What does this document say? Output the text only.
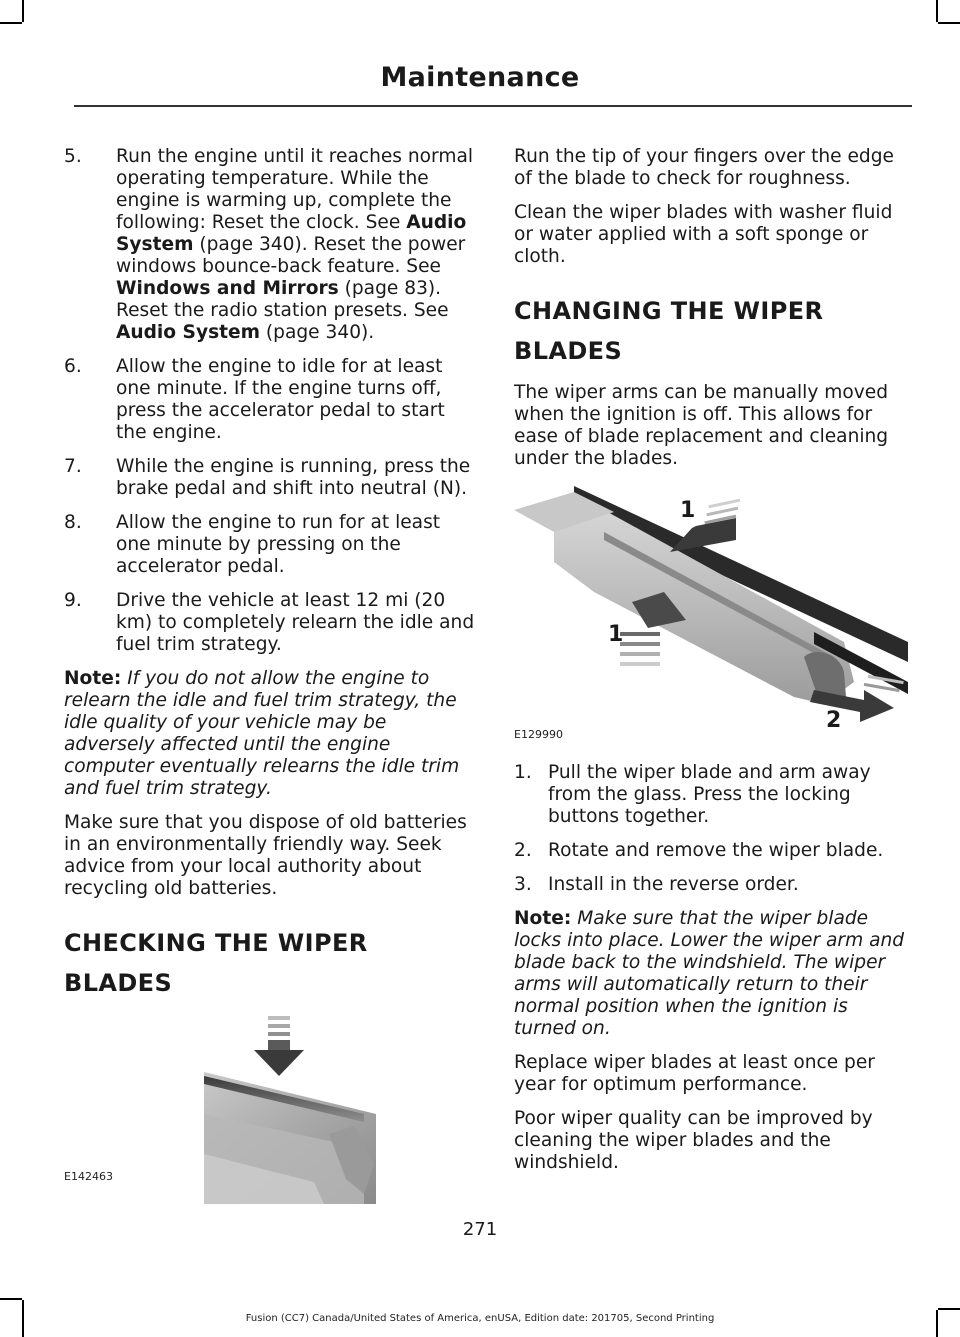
Maintenance
5. Run the engine until it reaches normal operating temperature. While the engine is warming up, complete the following: Reset the clock. See Audio System (page 340). Reset the power windows bounce-back feature. See Windows and Mirrors (page 83). Reset the radio station presets. See Audio System (page 340).
6. Allow the engine to idle for at least one minute. If the engine turns off, press the accelerator pedal to start the engine.
7. While the engine is running, press the brake pedal and shift into neutral (N).
8. Allow the engine to run for at least one minute by pressing on the accelerator pedal.
9. Drive the vehicle at least 12 mi (20 km) to completely relearn the idle and fuel trim strategy.

Note: If you do not allow the engine to relearn the idle and fuel trim strategy, the idle quality of your vehicle may be adversely affected until the engine computer eventually relearns the idle trim and fuel trim strategy.

Make sure that you dispose of old batteries in an environmentally friendly way. Seek advice from your local authority about recycling old batteries.

CHECKING THE WIPER
BLADES
E142463

Run the tip of your fingers over the edge of the blade to check for roughness.

Clean the wiper blades with washer fluid or water applied with a soft sponge or cloth.

CHANGING THE WIPER
BLADES

The wiper arms can be manually moved when the ignition is off. This allows for ease of blade replacement and cleaning under the blades.

1
1
2
E129990
1. Pull the wiper blade and arm away from the glass. Press the locking buttons together.
2. Rotate and remove the wiper blade.
3. Install in the reverse order.

Note: Make sure that the wiper blade locks into place. Lower the wiper arm and blade back to the windshield. The wiper arms will automatically return to their normal position when the ignition is turned on.

Replace wiper blades at least once per year for optimum performance.

Poor wiper quality can be improved by cleaning the wiper blades and the windshield.

271
Fusion (CC7) Canada/United States of America, enUSA, Edition date: 201705, Second Printing
